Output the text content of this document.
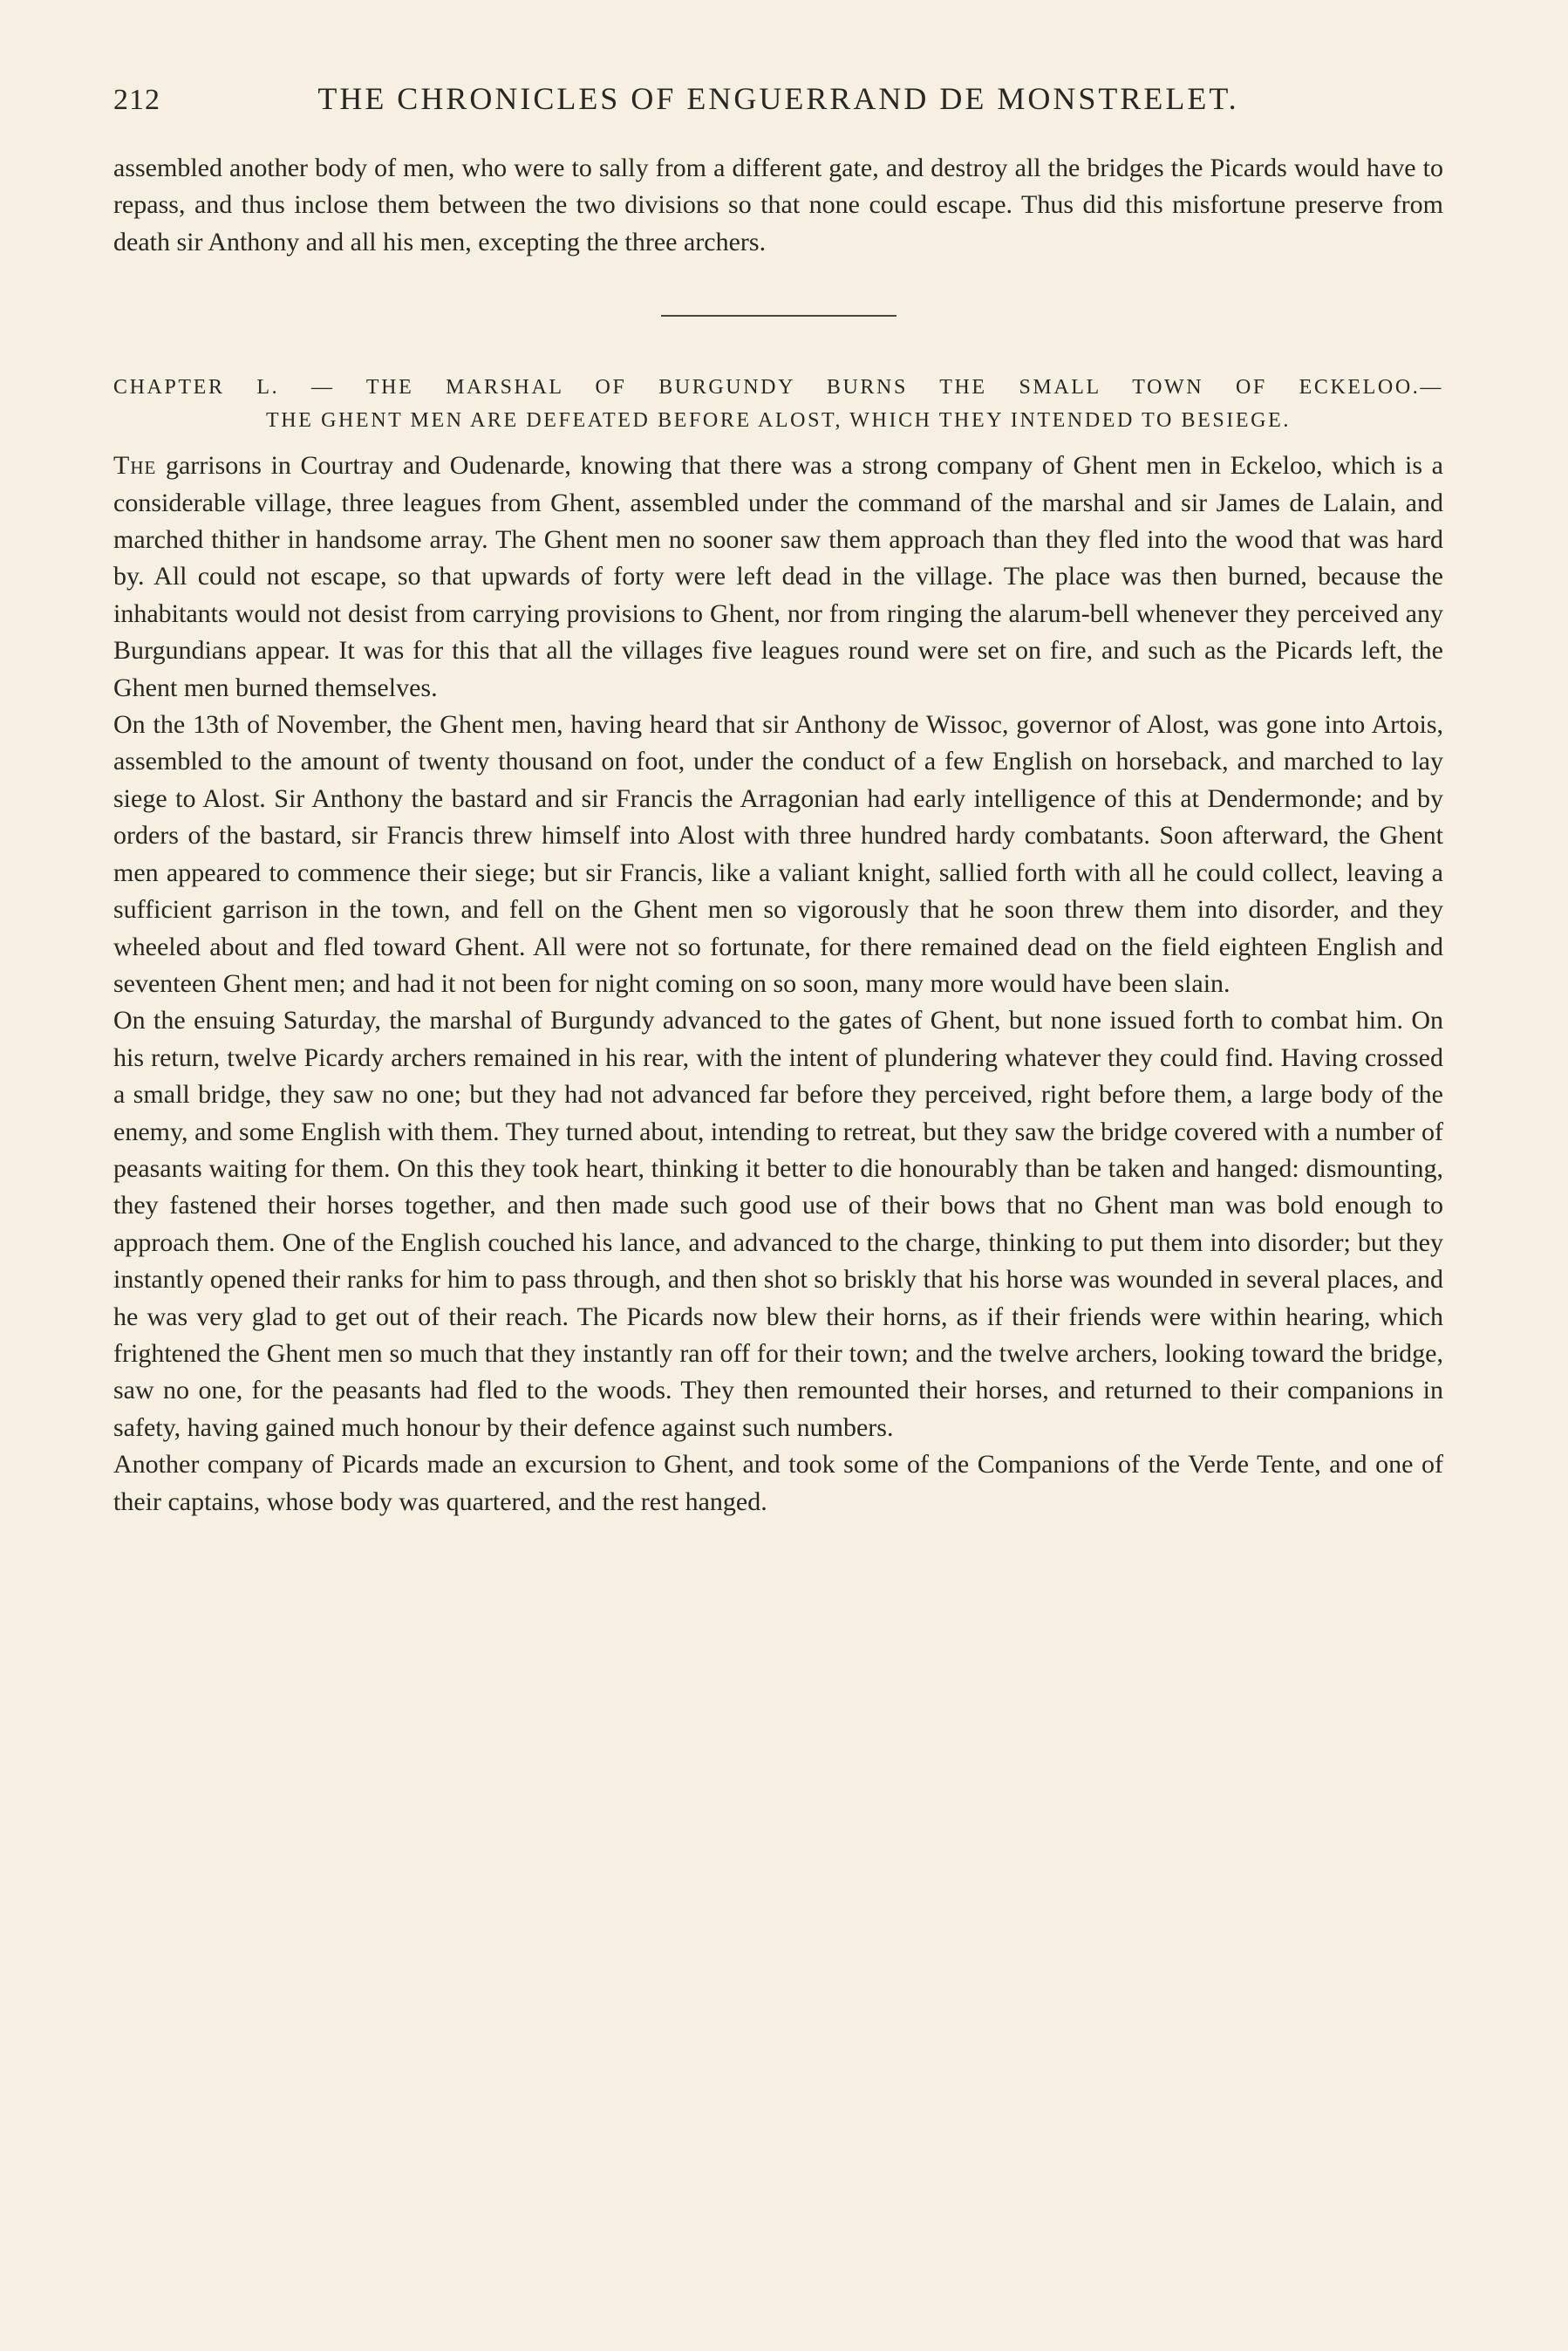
212	THE CHRONICLES OF ENGUERRAND DE MONSTRELET.

assembled another body of men, who were to sally from a different gate, and destroy all the bridges the Picards would have to repass, and thus inclose them between the two divisions so that none could escape. Thus did this misfortune preserve from death sir Anthony and all his men, excepting the three archers.

CHAPTER L. — THE MARSHAL OF BURGUNDY BURNS THE SMALL TOWN OF ECKELOO.—
THE GHENT MEN ARE DEFEATED BEFORE ALOST, WHICH THEY INTENDED TO BESIEGE.

The garrisons in Courtray and Oudenarde, knowing that there was a strong company of Ghent men in Eckeloo, which is a considerable village, three leagues from Ghent, assembled under the command of the marshal and sir James de Lalain, and marched thither in handsome array. The Ghent men no sooner saw them approach than they fled into the wood that was hard by. All could not escape, so that upwards of forty were left dead in the village. The place was then burned, because the inhabitants would not desist from carrying provisions to Ghent, nor from ringing the alarum-bell whenever they perceived any Burgundians appear. It was for this that all the villages five leagues round were set on fire, and such as the Picards left, the Ghent men burned themselves.

On the 13th of November, the Ghent men, having heard that sir Anthony de Wissoc, governor of Alost, was gone into Artois, assembled to the amount of twenty thousand on foot, under the conduct of a few English on horseback, and marched to lay siege to Alost. Sir Anthony the bastard and sir Francis the Arragonian had early intelligence of this at Dendermonde; and by orders of the bastard, sir Francis threw himself into Alost with three hundred hardy combatants. Soon afterward, the Ghent men appeared to commence their siege; but sir Francis, like a valiant knight, sallied forth with all he could collect, leaving a sufficient garrison in the town, and fell on the Ghent men so vigorously that he soon threw them into disorder, and they wheeled about and fled toward Ghent. All were not so fortunate, for there remained dead on the field eighteen English and seventeen Ghent men; and had it not been for night coming on so soon, many more would have been slain.

On the ensuing Saturday, the marshal of Burgundy advanced to the gates of Ghent, but none issued forth to combat him. On his return, twelve Picardy archers remained in his rear, with the intent of plundering whatever they could find. Having crossed a small bridge, they saw no one; but they had not advanced far before they perceived, right before them, a large body of the enemy, and some English with them. They turned about, intending to retreat, but they saw the bridge covered with a number of peasants waiting for them. On this they took heart, thinking it better to die honourably than be taken and hanged: dismounting, they fastened their horses together, and then made such good use of their bows that no Ghent man was bold enough to approach them. One of the English couched his lance, and advanced to the charge, thinking to put them into disorder; but they instantly opened their ranks for him to pass through, and then shot so briskly that his horse was wounded in several places, and he was very glad to get out of their reach. The Picards now blew their horns, as if their friends were within hearing, which frightened the Ghent men so much that they instantly ran off for their town; and the twelve archers, looking toward the bridge, saw no one, for the peasants had fled to the woods. They then remounted their horses, and returned to their companions in safety, having gained much honour by their defence against such numbers.

Another company of Picards made an excursion to Ghent, and took some of the Companions of the Verde Tente, and one of their captains, whose body was quartered, and the rest hanged.
